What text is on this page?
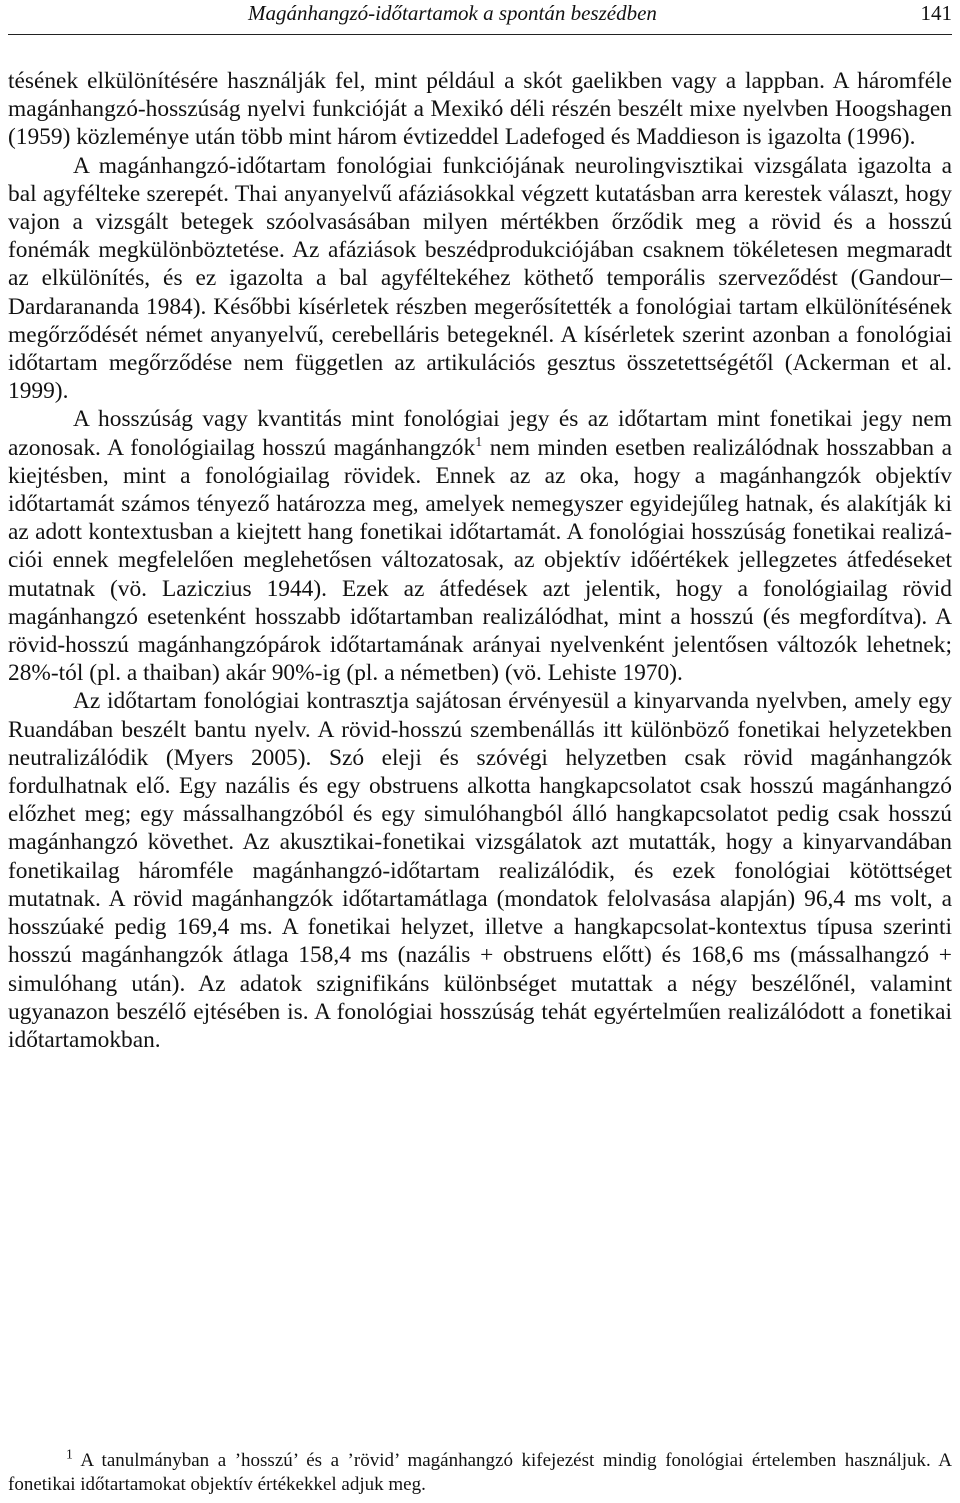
Magánhangzó-időtartamok a spontán beszédben	141

tésének elkülönítésére használják fel, mint például a skót gaelikben vagy a lappban. A háromféle magánhangzó-hosszúság nyelvi funkcióját a Mexikó déli részén beszélt mixe nyelvben Hoogshagen (1959) közleménye után több mint három évtizeddel Ladefoged és Maddieson is igazolta (1996).

A magánhangzó-időtartam fonológiai funkciójának neurolingvisztikai vizsgálata igazolta a bal agyfélteke szerepét. Thai anyanyelvű afáziásokkal végzett kutatásban arra kerestek választ, hogy vajon a vizsgált betegek szóolvasásában milyen mértékben őrződik meg a rövid és a hosszú fonémák megkülönböztetése. Az afáziások beszédprodukciójában csaknem tökéletesen megmaradt az elkülönítés, és ez igazolta a bal agyféltekéhez köthető temporális szerveződést (Gandour–Dardarananda 1984). Későbbi kísérletek részben megerősítették a fonológiai tartam elkülönítésének megőrződését német anyanyelvű, cerebelláris betegeknél. A kísérletek szerint azonban a fonológiai időtartam megőrződése nem független az artikulációs gesztus összetettségétől (Ackerman et al. 1999).

A hosszúság vagy kvantitás mint fonológiai jegy és az időtartam mint fonetikai jegy nem azonosak. A fonológiailag hosszú magánhangzók$^1$ nem minden esetben realizálódnak hosszabban a kiejtésben, mint a fonológiailag rövidek. Ennek az az oka, hogy a magánhangzók objektív időtartamát számos tényező határozza meg, amelyek nemegyszer egyidejűleg hatnak, és alakítják ki az adott kontextusban a kiejtett hang fonetikai időtartamát. A fonológiai hosszúság fonetikai realizációi ennek megfelelően meglehetősen változatosak, az objektív időértékek jellegzetes átfedéseket mutatnak (vö. Laziczius 1944). Ezek az átfedések azt jelentik, hogy a fonológiailag rövid magánhangzó esetenként hosszabb időtartamban realizálódhat, mint a hosszú (és megfordítva). A rövid-hosszú magánhangzópárok időtartamának arányai nyelvenként jelentősen változók lehetnek; 28%-tól (pl. a thaiban) akár 90%-ig (pl. a németben) (vö. Lehiste 1970).

Az időtartam fonológiai kontrasztja sajátosan érvényesül a kinyarvanda nyelvben, amely egy Ruandában beszélt bantu nyelv. A rövid-hosszú szembenállás itt különböző fonetikai helyzetekben neutralizálódik (Myers 2005). Szó eleji és szóvégi helyzetben csak rövid magánhangzók fordulhatnak elő. Egy nazális és egy obstruens alkotta hangkapcsolatot csak hosszú magánhangzó előzhet meg; egy mássalhangzóból és egy simulóhangból álló hangkapcsolatot pedig csak hosszú magánhangzó követhet. Az akusztikai-fonetikai vizsgálatok azt mutatták, hogy a kinyarvandában fonetikailag háromféle magánhangzó-időtartam realizálódik, és ezek fonológiai kötöttséget mutatnak. A rövid magánhangzók időtartamátlaga (mondatok felolvasása alapján) 96,4 ms volt, a hosszúaké pedig 169,4 ms. A fonetikai helyzet, illetve a hangkapcsolat-kontextus típusa szerinti hosszú magánhangzók átlaga 158,4 ms (nazális + obstruens előtt) és 168,6 ms (mássalhangzó + simulóhang után). Az adatok szignifikáns különbséget mutattak a négy beszélőnél, valamint ugyanazon beszélő ejtésében is. A fonológiai hosszúság tehát egyértelműen realizálódott a fonetikai időtartamokban.

$^1$ A tanulmányban a ’hosszú’ és a ’rövid’ magánhangzó kifejezést mindig fonológiai értelemben használjuk. A fonetikai időtartamokat objektív értékekkel adjuk meg.
